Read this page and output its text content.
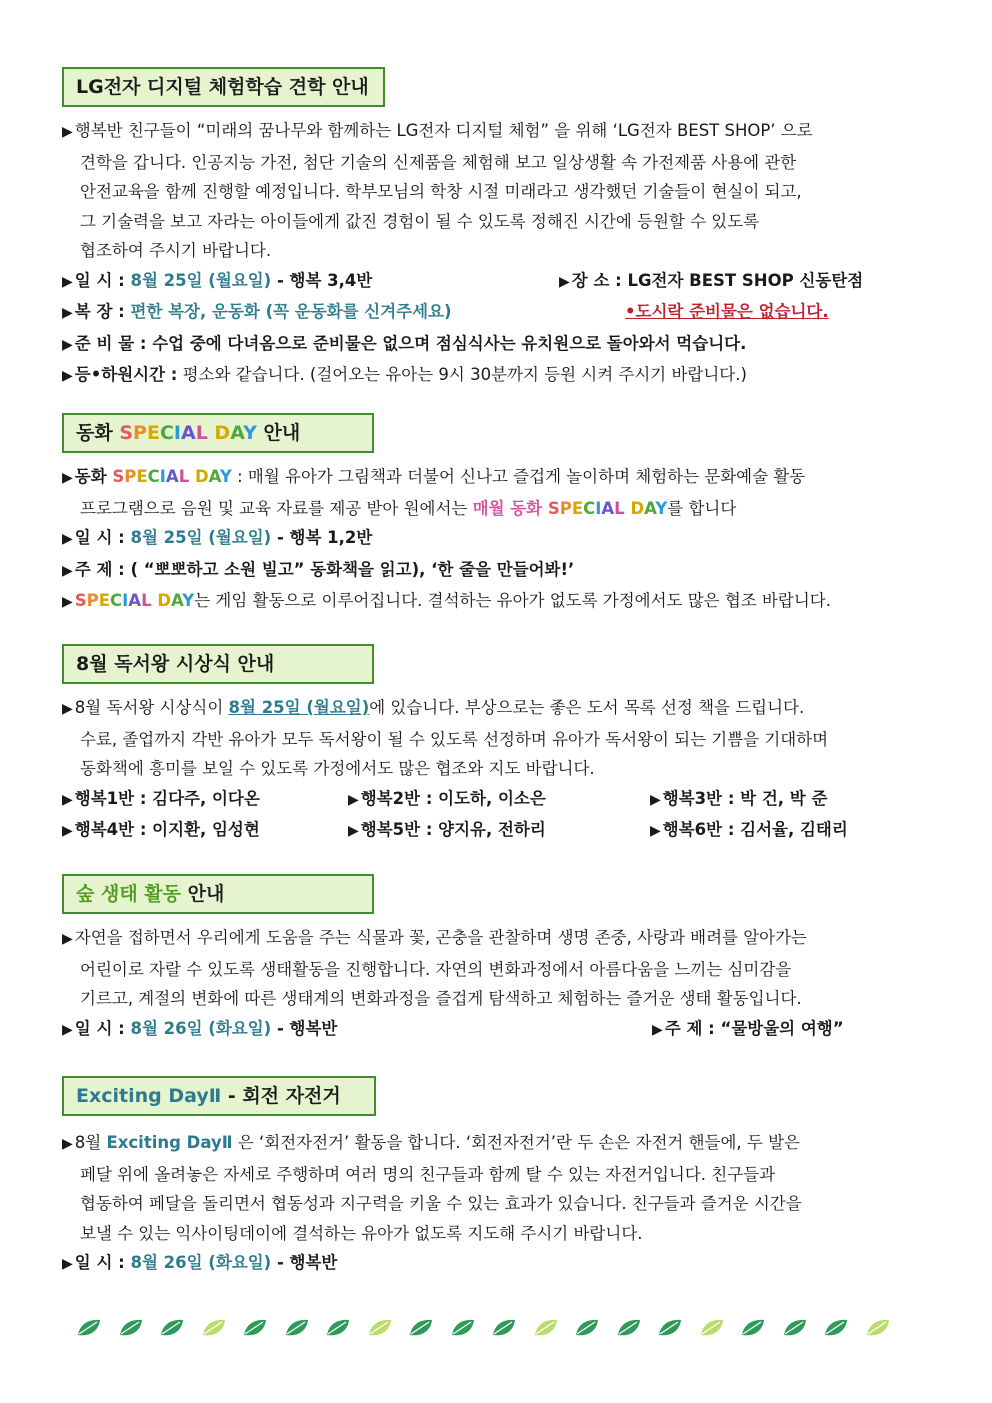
LG전자 디지털 체험학습 견학 안내
▶ 행복반 친구들이 “미래의 꿈나무와 함께하는 LG전자 디지털 체험” 을 위해 ‘LG전자 BEST SHOP’ 으로
견학을 갑니다. 인공지능 가전, 첨단 기술의 신제품을 체험해 보고 일상생활 속 가전제품 사용에 관한
안전교육을 함께 진행할 예정입니다. 학부모님의 학창 시절 미래라고 생각했던 기술들이 현실이 되고,
그 기술력을 보고 자라는 아이들에게 값진 경험이 될 수 있도록 정해진 시간에 등원할 수 있도록
협조하여 주시기 바랍니다.
▶ 일 시 : 8월 25일 (월요일) - 행복 3,4반	▶ 장 소 : LG전자 BEST SHOP 신동탄점
▶ 복 장 : 편한 복장, 운동화 (꼭 운동화를 신겨주세요)	•도시락 준비물은 없습니다.
▶ 준 비 물 : 수업 중에 다녀옴으로 준비물은 없으며 점심식사는 유치원으로 돌아와서 먹습니다.
▶ 등•하원시간 : 평소와 같습니다. (걸어오는 유아는 9시 30분까지 등원 시켜 주시기 바랍니다.)
동화 SPECIAL DAY 안내
▶ 동화 SPECIAL DAY : 매월 유아가 그림책과 더불어 신나고 즐겁게 놀이하며 체험하는 문화예술 활동
프로그램으로 음원 및 교육 자료를 제공 받아 원에서는 매월 동화 SPECIAL DAY를 합니다
▶ 일 시 : 8월 25일 (월요일) - 행복 1,2반
▶ 주 제 : ( “뽀뽀하고 소원 빌고” 동화책을 읽고), ‘한 줄을 만들어봐!’
▶ SPECIAL DAY는 게임 활동으로 이루어집니다. 결석하는 유아가 없도록 가정에서도 많은 협조 바랍니다.
8월 독서왕 시상식 안내
▶ 8월 독서왕 시상식이 8월 25일 (월요일)에 있습니다. 부상으로는 좋은 도서 목록 선정 책을 드립니다.
수료, 졸업까지 각반 유아가 모두 독서왕이 될 수 있도록 선정하며 유아가 독서왕이 되는 기쁨을 기대하며
동화책에 흥미를 보일 수 있도록 가정에서도 많은 협조와 지도 바랍니다.
▶ 행복1반 : 김다주, 이다온	▶ 행복2반 : 이도하, 이소은	▶ 행복3반 : 박 건, 박 준
▶ 행복4반 : 이지환, 임성현	▶ 행복5반 : 양지유, 전하리	▶ 행복6반 : 김서율, 김태리
숲 생태 활동 안내
▶ 자연을 접하면서 우리에게 도움을 주는 식물과 꽃, 곤충을 관찰하며 생명 존중, 사랑과 배려를 알아가는
어린이로 자랄 수 있도록 생태활동을 진행합니다. 자연의 변화과정에서 아름다움을 느끼는 심미감을
기르고, 계절의 변화에 따른 생태계의 변화과정을 즐겁게 탐색하고 체험하는 즐거운 생태 활동입니다.
▶ 일 시 : 8월 26일 (화요일) - 행복반	▶ 주 제 : “물방울의 여행”
Exciting DayⅡ - 회전 자전거
▶ 8월 Exciting DayⅡ 은 ‘회전자전거’ 활동을 합니다. ‘회전자전거’란 두 손은 자전거 핸들에, 두 발은
페달 위에 올려놓은 자세로 주행하며 여러 명의 친구들과 함께 탈 수 있는 자전거입니다. 친구들과
협동하여 페달을 돌리면서 협동성과 지구력을 키울 수 있는 효과가 있습니다. 친구들과 즐거운 시간을
보낼 수 있는 익사이팅데이에 결석하는 유아가 없도록 지도해 주시기 바랍니다.
▶ 일 시 : 8월 26일 (화요일) - 행복반
